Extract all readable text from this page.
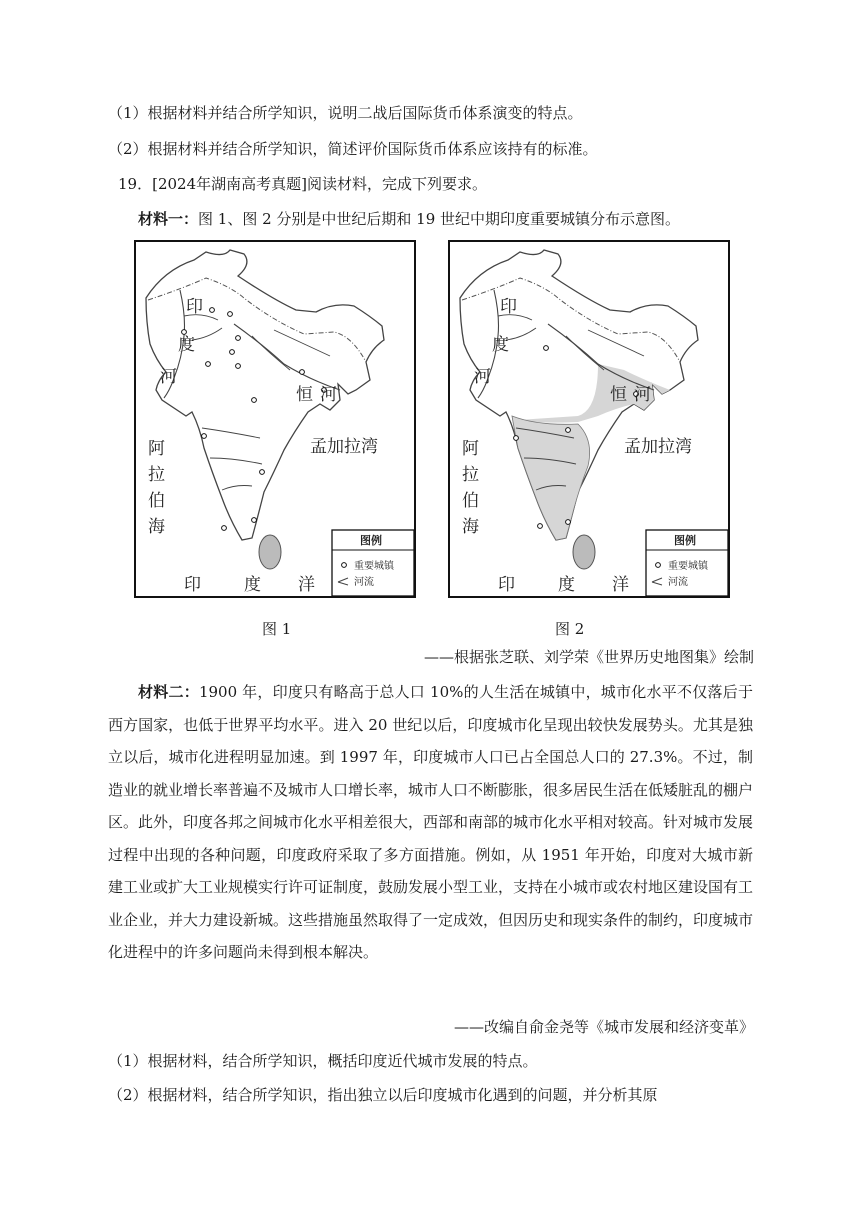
（1）根据材料并结合所学知识，说明二战后国际货币体系演变的特点。
（2）根据材料并结合所学知识，简述评价国际货币体系应该持有的标准。
19．[2024年湖南高考真题]阅读材料，完成下列要求。
材料一：图 1、图 2 分别是中世纪后期和 19 世纪中期印度重要城镇分布示意图。
印
度
河
恒 河
孟加拉湾
阿
拉
伯
海
印	度 洋
图例
重要城镇
河流
图 1
印
度
河
恒 河
孟加拉湾
阿
拉
伯
海
印	度 洋
图例
重要城镇
河流
图 2
——根据张芝联、刘学荣《世界历史地图集》绘制
材料二：1900 年，印度只有略高于总人口 10%的人生活在城镇中，城市化水平不仅落后于西方国家，也低于世界平均水平。进入 20 世纪以后，印度城市化呈现出较快发展势头。尤其是独立以后，城市化进程明显加速。到 1997 年，印度城市人口已占全国总人口的 27.3%。不过，制造业的就业增长率普遍不及城市人口增长率，城市人口不断膨胀，很多居民生活在低矮脏乱的棚户区。此外，印度各邦之间城市化水平相差很大，西部和南部的城市化水平相对较高。针对城市发展过程中出现的各种问题，印度政府采取了多方面措施。例如，从 1951 年开始，印度对大城市新建工业或扩大工业规模实行许可证制度，鼓励发展小型工业，支持在小城市或农村地区建设国有工业企业，并大力建设新城。这些措施虽然取得了一定成效，但因历史和现实条件的制约，印度城市化进程中的许多问题尚未得到根本解决。
——改编自俞金尧等《城市发展和经济变革》
（1）根据材料，结合所学知识，概括印度近代城市发展的特点。
（2）根据材料，结合所学知识，指出独立以后印度城市化遇到的问题，并分析其原
